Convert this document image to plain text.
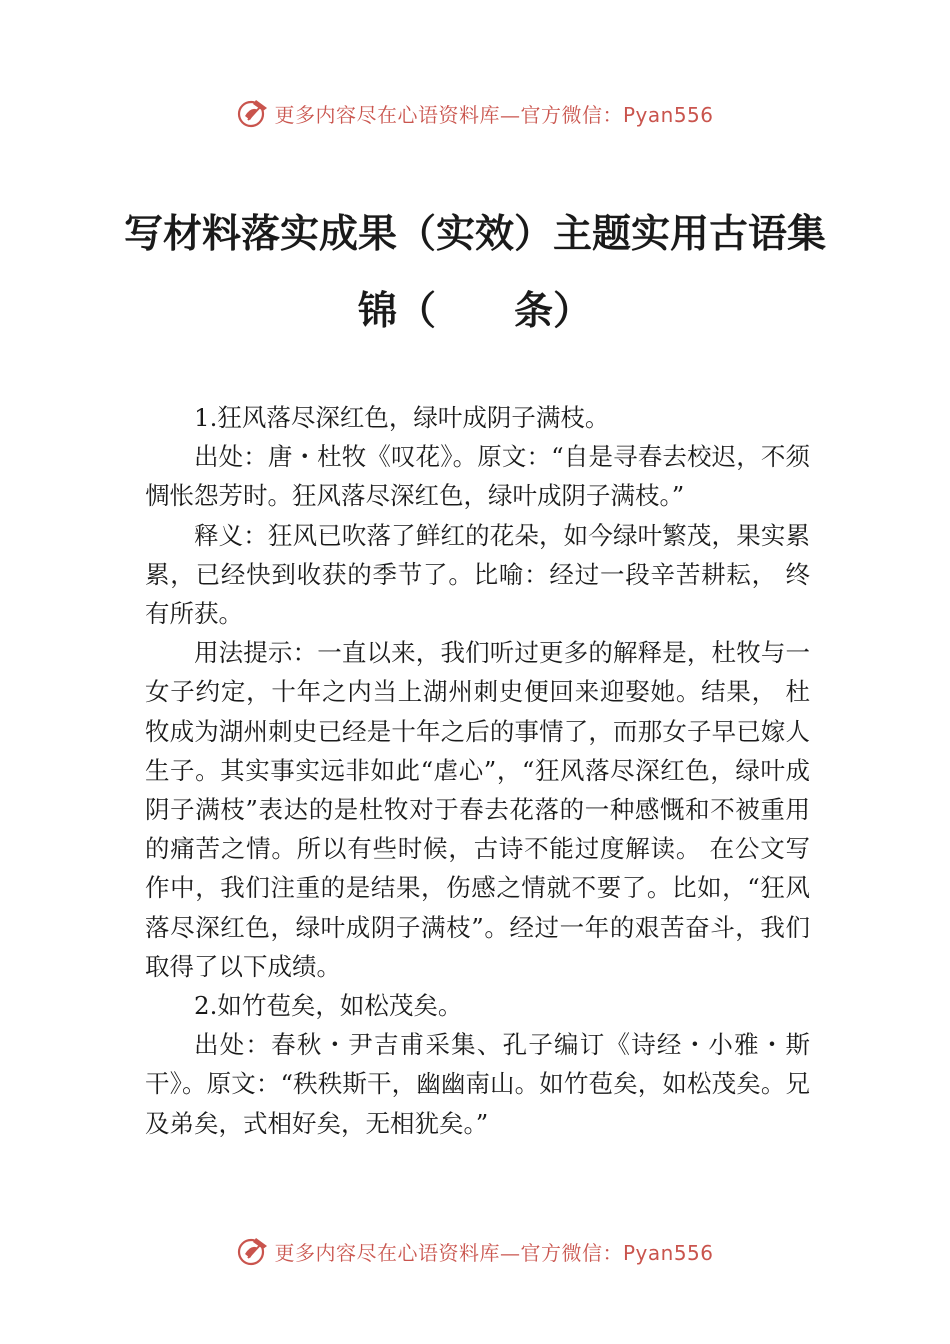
更多内容尽在心语资料库—官方微信：Pyan556
写材料落实成果（实效）主题实用古语集
锦（　　条）

1.狂风落尽深红色，绿叶成阴子满枝。

出处：唐・杜牧《叹花》。原文：“自是寻春去校迟，不须惆怅怨芳时。狂风落尽深红色，绿叶成阴子满枝。”

释义：狂风已吹落了鲜红的花朵，如今绿叶繁茂，果实累累，已经快到收获的季节了。比喻：经过一段辛苦耕耘， 终有所获。

用法提示：一直以来，我们听过更多的解释是，杜牧与一女子约定，十年之内当上湖州刺史便回来迎娶她。结果， 杜牧成为湖州刺史已经是十年之后的事情了，而那女子早已嫁人生子。其实事实远非如此“虐心”，“狂风落尽深红色，绿叶成阴子满枝”表达的是杜牧对于春去花落的一种感慨和不被重用的痛苦之情。所以有些时候，古诗不能过度解读。 在公文写作中，我们注重的是结果，伤感之情就不要了。比如，“狂风落尽深红色，绿叶成阴子满枝”。经过一年的艰苦奋斗，我们取得了以下成绩。

2.如竹苞矣，如松茂矣。

出处：春秋・尹吉甫采集、孔子编订《诗经・小雅・斯干》。原文：“秩秩斯干，幽幽南山。如竹苞矣，如松茂矣。兄及弟矣，式相好矣，无相犹矣。”

更多内容尽在心语资料库—官方微信：Pyan556
